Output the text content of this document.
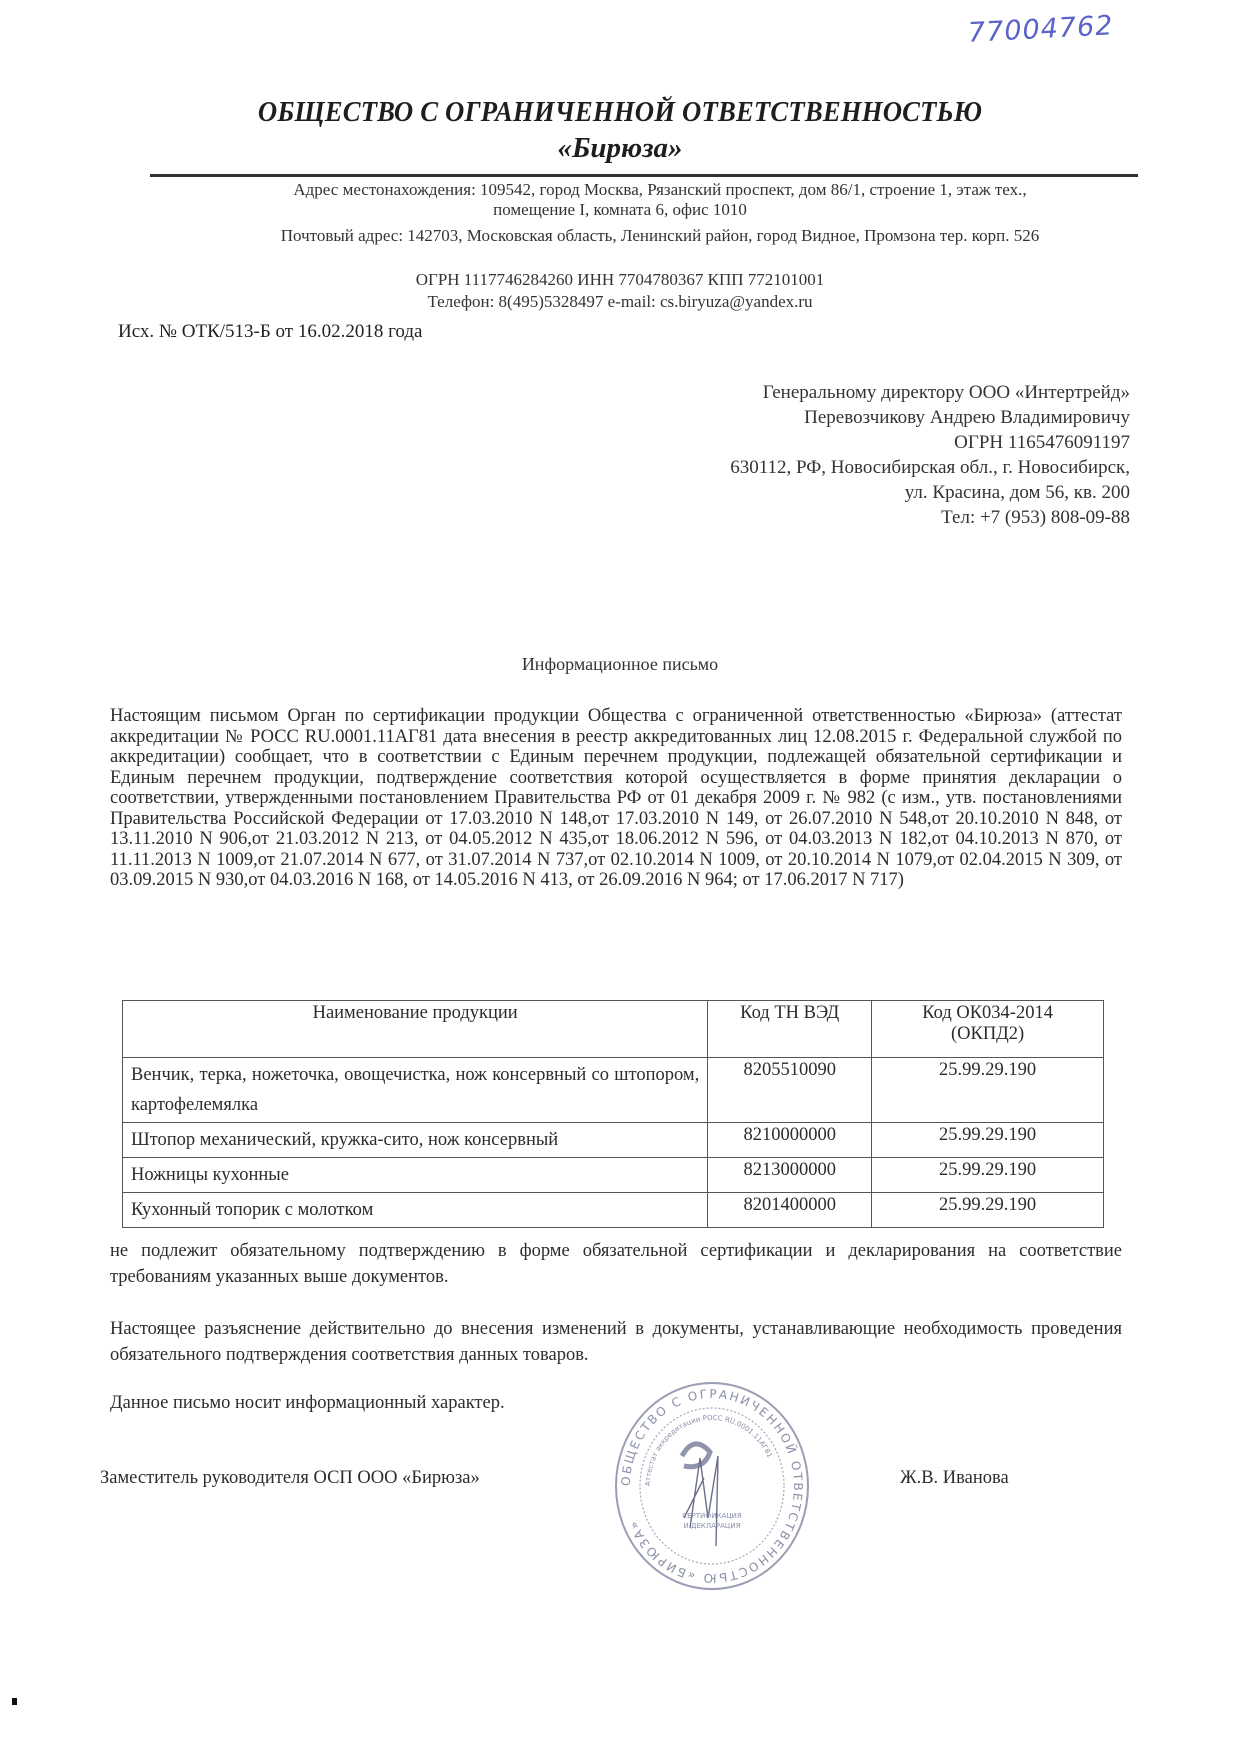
77004762
ОБЩЕСТВО С ОГРАНИЧЕННОЙ ОТВЕТСТВЕННОСТЬЮ
«Бирюза»
Адрес местонахождения: 109542, город Москва, Рязанский проспект, дом 86/1, строение 1, этаж тех.,
помещение I, комната 6, офис 1010
Почтовый адрес: 142703, Московская область, Ленинский район, город Видное, Промзона тер. корп. 526
ОГРН 1117746284260 ИНН 7704780367 КПП 772101001
Телефон: 8(495)5328497 e-mail: cs.biryuza@yandex.ru
Исх. № ОТК/513-Б от 16.02.2018 года
Генеральному директору ООО «Интертрейд»
Перевозчикову Андрею Владимировичу
ОГРН 1165476091197
630112, РФ, Новосибирская обл., г. Новосибирск,
ул. Красина, дом 56, кв. 200
Тел: +7 (953) 808-09-88
Информационное письмо
Настоящим письмом Орган по сертификации продукции Общества с ограниченной ответственностью «Бирюза» (аттестат аккредитации № РОСС RU.0001.11АГ81 дата внесения в реестр аккредитованных лиц 12.08.2015 г. Федеральной службой по аккредитации) сообщает, что в соответствии с Единым перечнем продукции, подлежащей обязательной сертификации и Единым перечнем продукции, подтверждение соответствия которой осуществляется в форме принятия декларации о соответствии, утвержденными постановлением Правительства РФ от 01 декабря 2009 г. № 982 (с изм., утв. постановлениями Правительства Российской Федерации от 17.03.2010 N 148,от 17.03.2010 N 149, от 26.07.2010 N 548,от 20.10.2010 N 848, от 13.11.2010 N 906,от 21.03.2012 N 213, от 04.05.2012 N 435,от 18.06.2012 N 596, от 04.03.2013 N 182,от 04.10.2013 N 870, от 11.11.2013 N 1009,от 21.07.2014 N 677, от 31.07.2014 N 737,от 02.10.2014 N 1009, от 20.10.2014 N 1079,от 02.04.2015 N 309, от 03.09.2015 N 930,от 04.03.2016 N 168, от 14.05.2016 N 413, от 26.09.2016 N 964; от 17.06.2017 N 717)
Наименование продукции	Код ТН ВЭД	Код ОК034-2014
(ОКПД2)

Венчик, терка, ножеточка, овощечистка, нож консервный со штопором, картофелемялка	8205510090	25.99.29.190
Штопор механический, кружка-сито, нож консервный	8210000000	25.99.29.190
Ножницы кухонные	8213000000	25.99.29.190
Кухонный топорик с молотком	8201400000	25.99.29.190
не подлежит обязательному подтверждению в форме обязательной сертификации и декларирования на соответствие требованиям указанных выше документов.
Настоящее разъяснение действительно до внесения изменений в документы, устанавливающие необходимость проведения обязательного подтверждения соответствия данных товаров.
Данное письмо носит информационный характер.
Заместитель руководителя ОСП ООО «Бирюза»	ОБЩЕСТВО С ОГРАНИЧЕННОЙ ОТВЕТСТВЕННОСТЬЮ «БИРЮЗА»
Аттестат аккредитации РОСС RU.0001.11АГ81
СЕРТИФИКАЦИЯ
И ДЕКЛАРАЦИЯ
Ж.В. Иванова
